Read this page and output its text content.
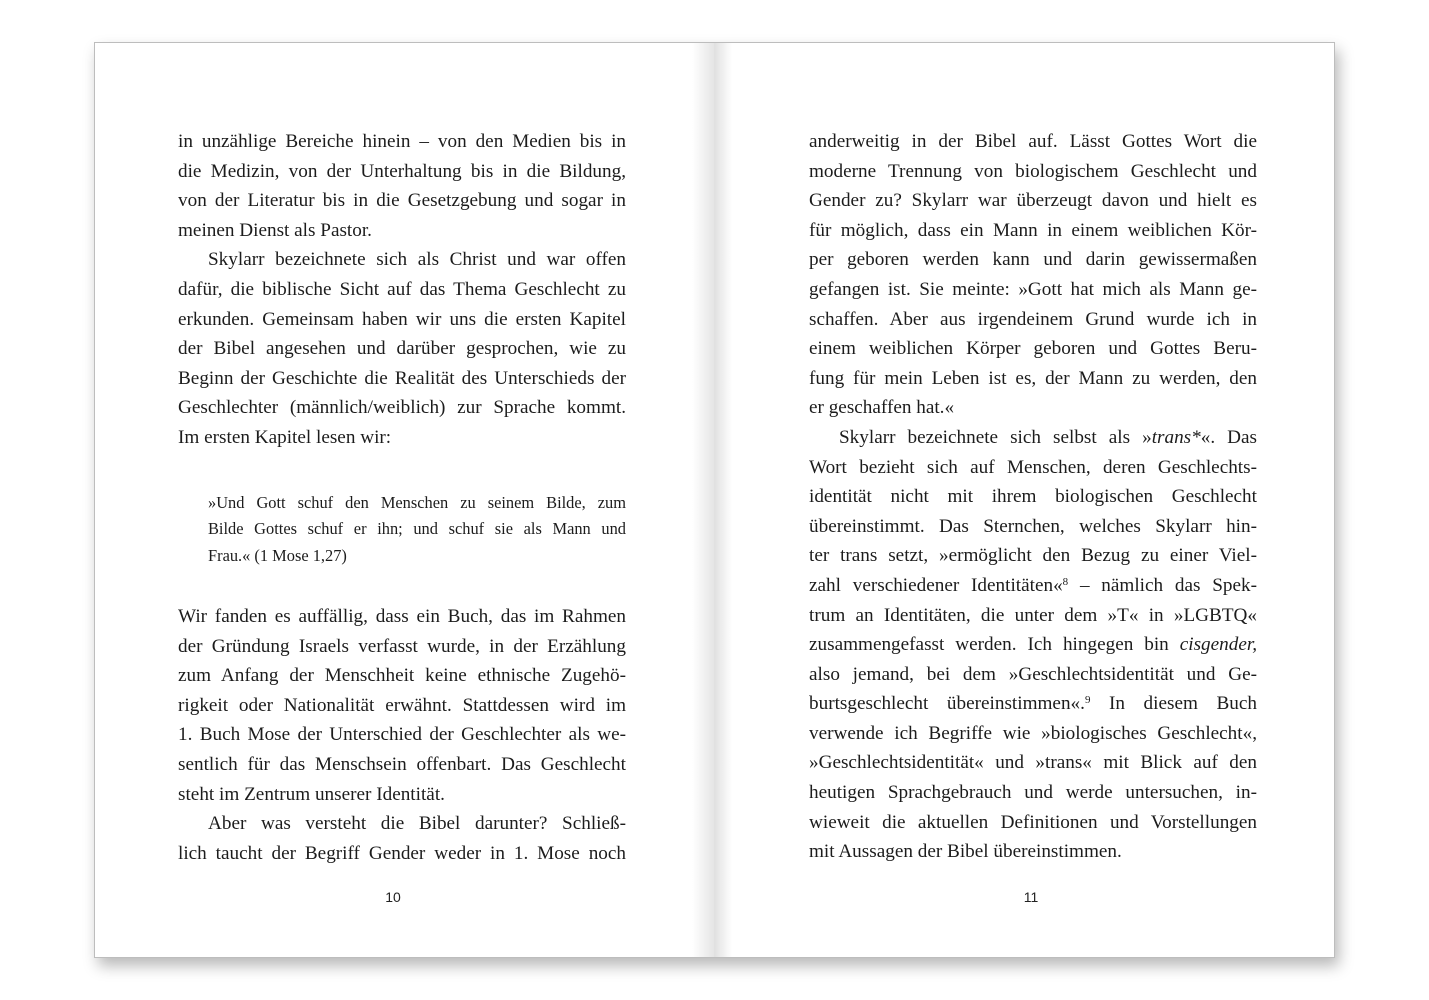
in unzählige Bereiche hinein – von den Medien bis in
die Medizin, von der Unterhaltung bis in die Bildung,
von der Literatur bis in die Gesetzgebung und sogar in
meinen Dienst als Pastor.
Skylarr bezeichnete sich als Christ und war offen
dafür, die biblische Sicht auf das Thema Geschlecht zu
erkunden. Gemeinsam haben wir uns die ersten Kapitel
der Bibel angesehen und darüber gesprochen, wie zu
Beginn der Geschichte die Realität des Unterschieds der
Geschlechter (männlich/weiblich) zur Sprache kommt.
Im ersten Kapitel lesen wir:
»Und Gott schuf den Menschen zu seinem Bilde, zum
Bilde Gottes schuf er ihn; und schuf sie als Mann und
Frau.« (1 Mose 1,27)
Wir fanden es auffällig, dass ein Buch, das im Rahmen
der Gründung Israels verfasst wurde, in der Erzählung
zum Anfang der Menschheit keine ethnische Zugehö-
rigkeit oder Nationalität erwähnt. Stattdessen wird im
1. Buch Mose der Unterschied der Geschlechter als we-
sentlich für das Menschsein offenbart. Das Geschlecht
steht im Zentrum unserer Identität.
Aber was versteht die Bibel darunter? Schließ-
lich taucht der Begriff Gender weder in 1. Mose noch
10
anderweitig in der Bibel auf. Lässt Gottes Wort die
moderne Trennung von biologischem Geschlecht und
Gender zu? Skylarr war überzeugt davon und hielt es
für möglich, dass ein Mann in einem weiblichen Kör-
per geboren werden kann und darin gewissermaßen
gefangen ist. Sie meinte: »Gott hat mich als Mann ge-
schaffen. Aber aus irgendeinem Grund wurde ich in
einem weiblichen Körper geboren und Gottes Beru-
fung für mein Leben ist es, der Mann zu werden, den
er geschaffen hat.«
Skylarr bezeichnete sich selbst als »trans*«. Das
Wort bezieht sich auf Menschen, deren Geschlechts-
identität nicht mit ihrem biologischen Geschlecht
übereinstimmt. Das Sternchen, welches Skylarr hin-
ter trans setzt, »ermöglicht den Bezug zu einer Viel-
zahl verschiedener Identitäten«$^8$ – nämlich das Spek-
trum an Identitäten, die unter dem »T« in »LGBTQ«
zusammengefasst werden. Ich hingegen bin cisgender,
also jemand, bei dem »Geschlechtsidentität und Ge-
burtsgeschlecht übereinstimmen«.$^9$ In diesem Buch
verwende ich Begriffe wie »biologisches Geschlecht«,
»Geschlechtsidentität« und »trans« mit Blick auf den
heutigen Sprachgebrauch und werde untersuchen, in-
wieweit die aktuellen Definitionen und Vorstellungen
mit Aussagen der Bibel übereinstimmen.
11
